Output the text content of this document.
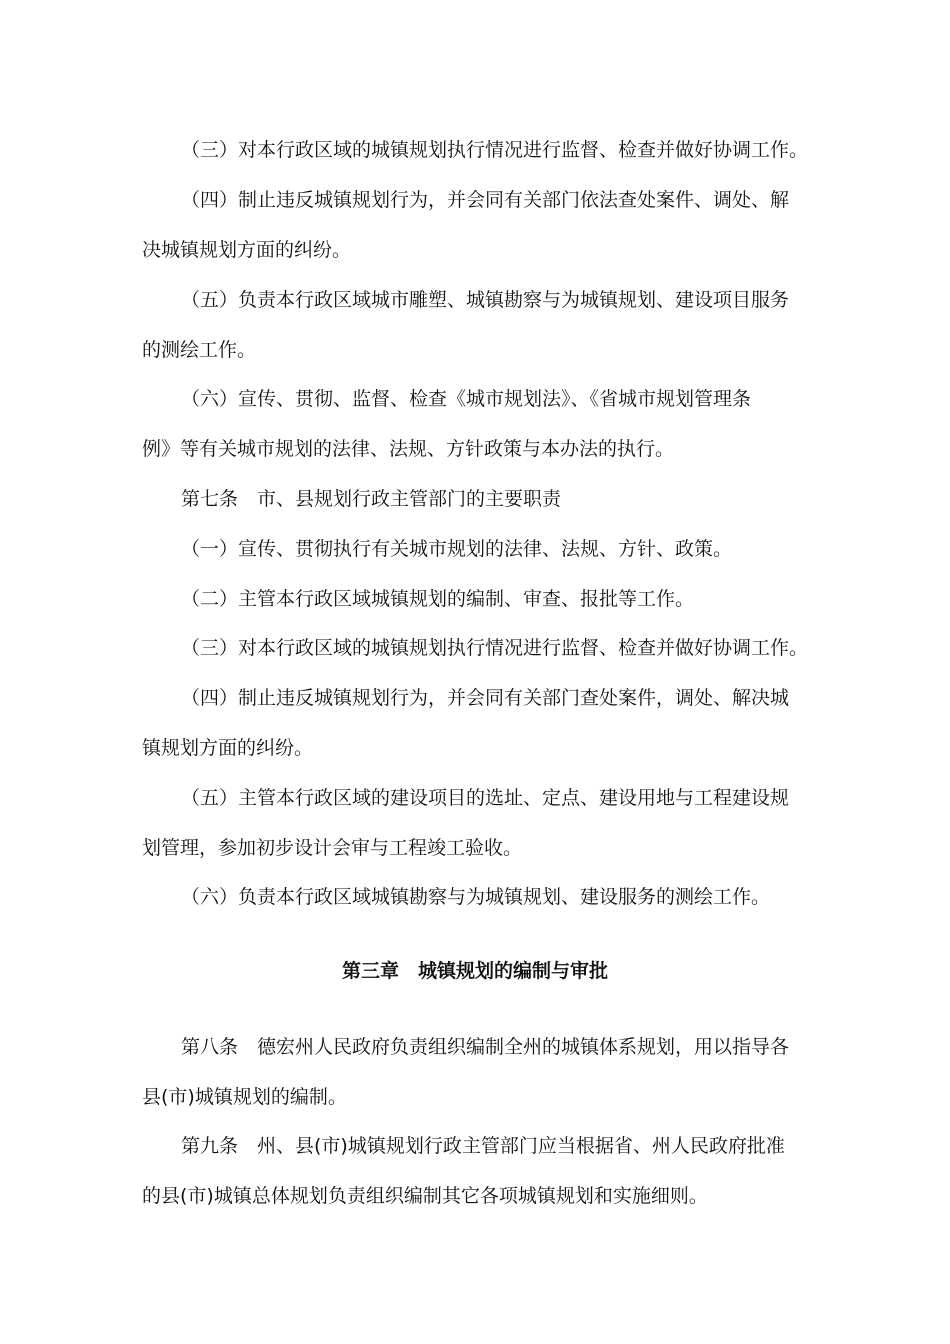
（三）对本行政区域的城镇规划执行情况进行监督、检查并做好协调工作。
（四）制止违反城镇规划行为，并会同有关部门依法查处案件、调处、解
决城镇规划方面的纠纷。
（五）负责本行政区域城市雕塑、城镇勘察与为城镇规划、建设项目服务
的测绘工作。
（六）宣传、贯彻、监督、检查《城市规划法》、《省城市规划管理条
例》等有关城市规划的法律、法规、方针政策与本办法的执行。
第七条　市、县规划行政主管部门的主要职责
（一）宣传、贯彻执行有关城市规划的法律、法规、方针、政策。
（二）主管本行政区域城镇规划的编制、审查、报批等工作。
（三）对本行政区域的城镇规划执行情况进行监督、检查并做好协调工作。
（四）制止违反城镇规划行为，并会同有关部门查处案件，调处、解决城
镇规划方面的纠纷。
（五）主管本行政区域的建设项目的选址、定点、建设用地与工程建设规
划管理，参加初步设计会审与工程竣工验收。
（六）负责本行政区域城镇勘察与为城镇规划、建设服务的测绘工作。
第三章　城镇规划的编制与审批
第八条　德宏州人民政府负责组织编制全州的城镇体系规划，用以指导各
县(市)城镇规划的编制。
第九条　州、县(市)城镇规划行政主管部门应当根据省、州人民政府批准
的县(市)城镇总体规划负责组织编制其它各项城镇规划和实施细则。
